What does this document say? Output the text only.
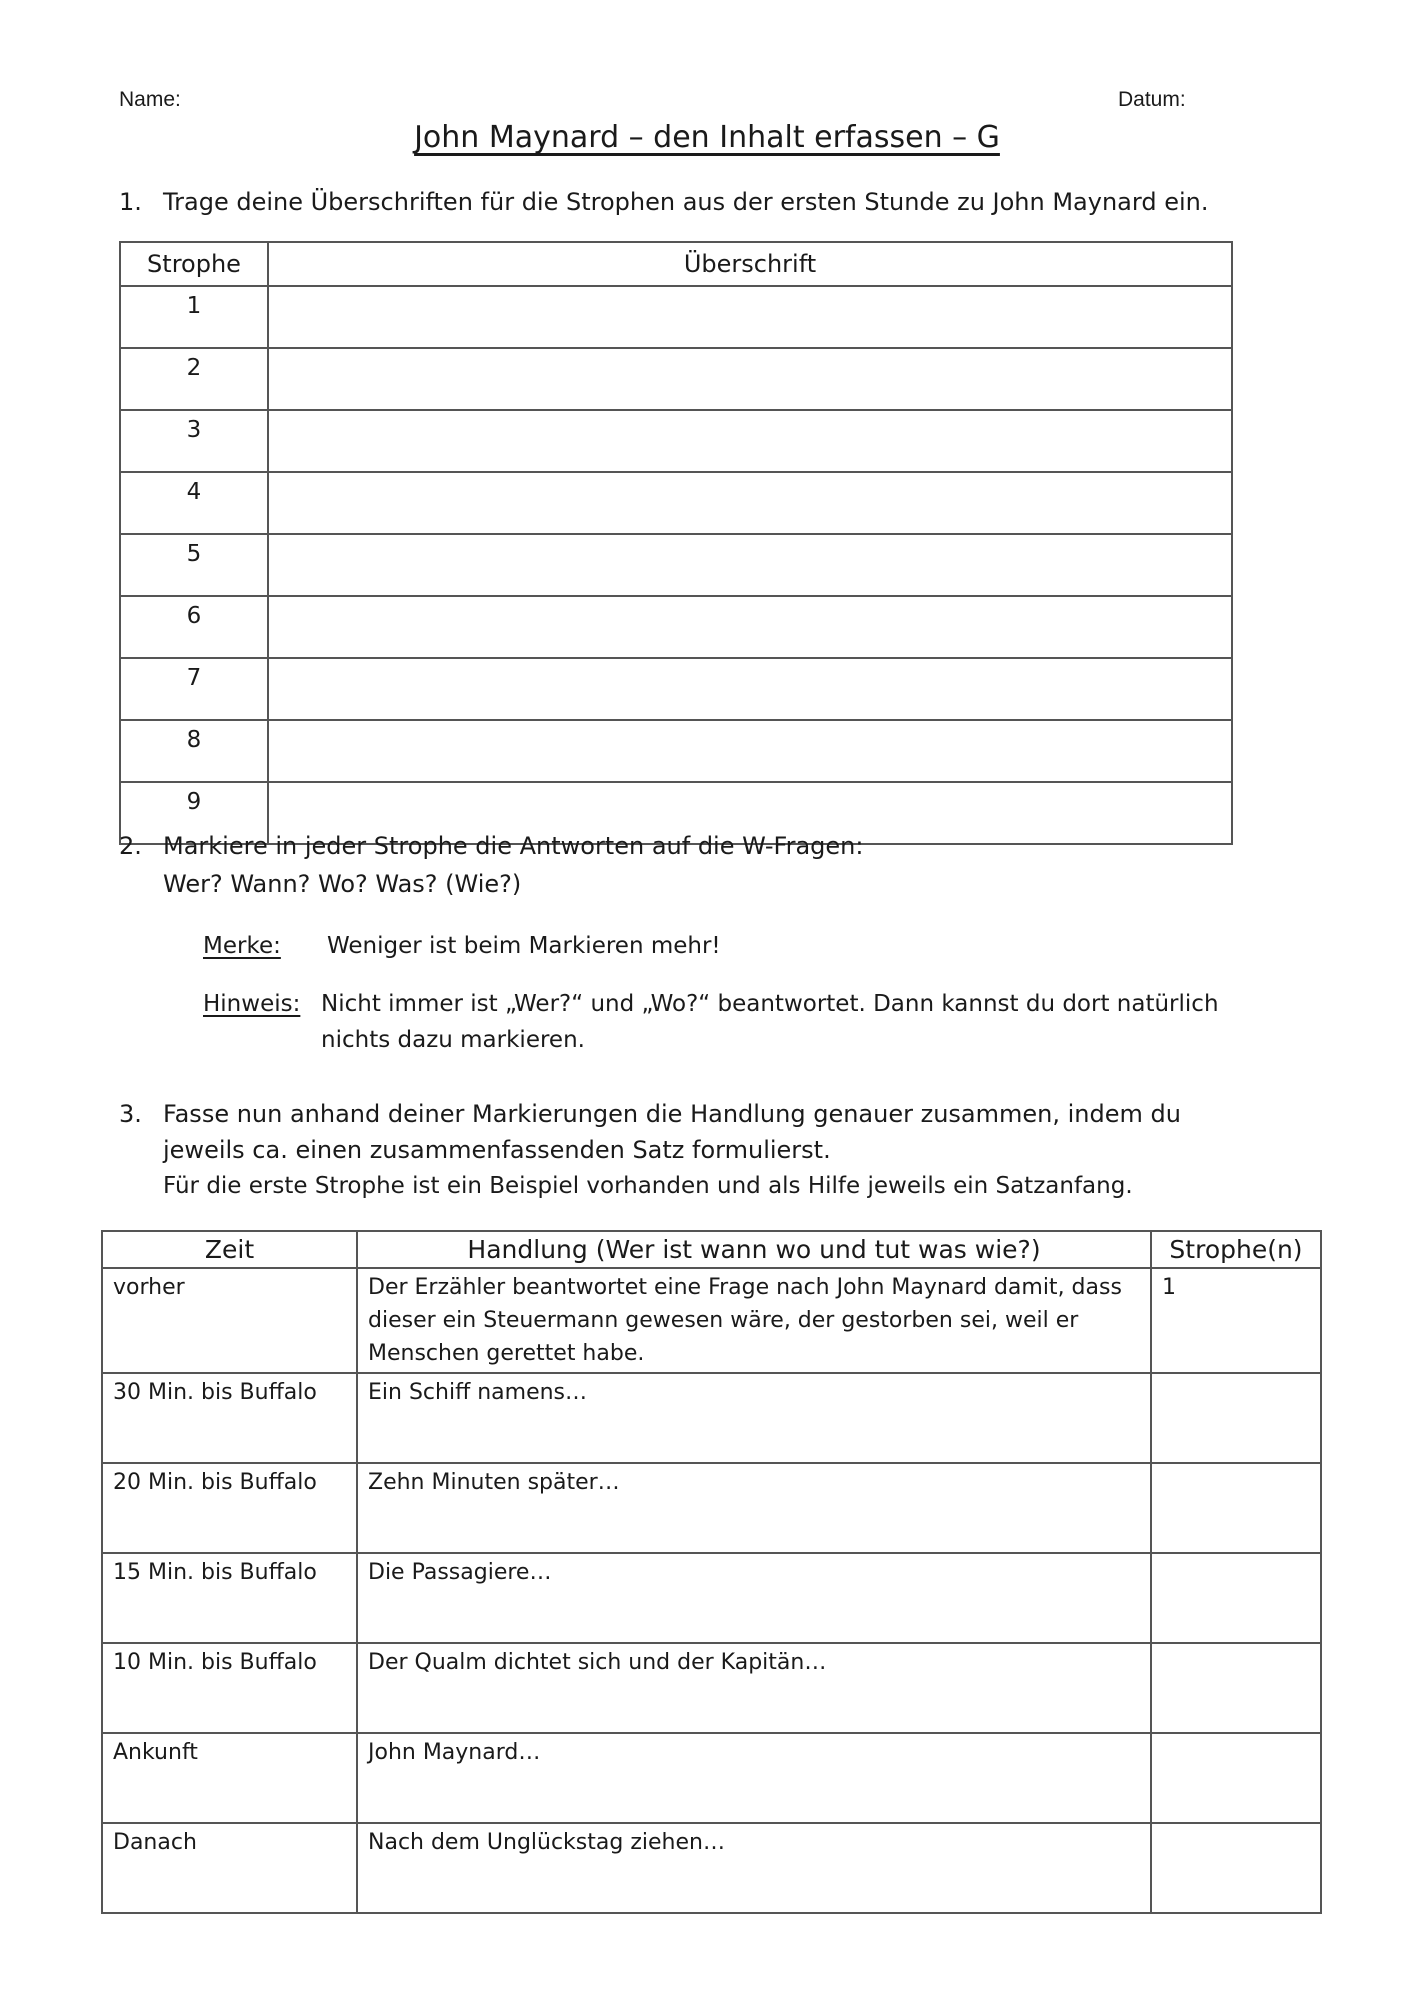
Name:	Datum:
John Maynard – den Inhalt erfassen – G
1. Trage deine Überschriften für die Strophen aus der ersten Stunde zu John Maynard ein.
Strophe	Überschrift
1	
2	
3	
4	
5	
6	
7	
8	
9	
2. Markiere in jeder Strophe die Antworten auf die W-Fragen:
Wer? Wann? Wo? Was? (Wie?)
Merke: Weniger ist beim Markieren mehr!
Hinweis: Nicht immer ist „Wer?“ und „Wo?“ beantwortet. Dann kannst du dort natürlich
nichts dazu markieren.
3. Fasse nun anhand deiner Markierungen die Handlung genauer zusammen, indem du
jeweils ca. einen zusammenfassenden Satz formulierst.
Für die erste Strophe ist ein Beispiel vorhanden und als Hilfe jeweils ein Satzanfang.
Zeit	Handlung (Wer ist wann wo und tut was wie?)	Strophe(n)
vorher	Der Erzähler beantwortet eine Frage nach John Maynard damit, dass dieser ein Steuermann gewesen wäre, der gestorben sei, weil er Menschen gerettet habe.	1
30 Min. bis Buffalo	Ein Schiff namens…	
20 Min. bis Buffalo	Zehn Minuten später…	
15 Min. bis Buffalo	Die Passagiere…	
10 Min. bis Buffalo	Der Qualm dichtet sich und der Kapitän…	
Ankunft	John Maynard…	
Danach	Nach dem Unglückstag ziehen…	
